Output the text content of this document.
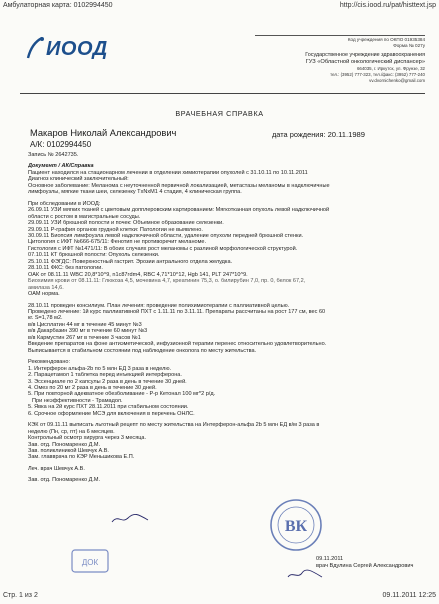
Амбулаторная карта: 0102994450	http://cis.iood.ru/pat/histtext.jsp
ИООД	Код учреждения по ОКПО 01935384
Форма № 027у
Государственное учреждение здравоохранения
ГУЗ «Областной онкологический диспансер»
664035, г. Иркутск, ул. Фрунзе, 32
тел.: (3952) 777-323, тел./факс: (3952) 777-240
vv.dvornichenko@gmail.com
ВРАЧЕБНАЯ СПРАВКА
Макаров Николай Александрович
А/К: 0102994450
дата рождения: 20.11.1989
Запись № 2642735.
Документ / АК/Справка
Пациент находился на стационарном лечении в отделении химиотерапии опухолей с 31.10.11 по 10.11.2011
Диагноз клинический заключительный:
Основное заболевание: Меланома с неуточненной первичной локализацией, метастазы меланомы в надключичные
лимфоузлы, мягкие ткани шеи, селезенку TxNxM1 4 стадия, 4 клиническая группа.
При обследовании в ИООД:
26.09.11 УЗИ мягких тканей с цветовым допплеровским картированием: Мягкотканная опухоль левой надключичной
области с ростом в магистральные сосуды.
29.09.11 УЗИ брюшной полости и почек: Объемное образование селезенки.
29.09.11 Р-графия органов грудной клетки: Патологии не выявлено.
30.09.11 Биопсия лимфоузла левой надключичной области, удаление опухоли передней брюшной стенки.
Цитология с ИФТ №666-675/11: Фенотип не противоречит меланоме.
Гистология с ИФТ №1471/11: В обоих случаях рост меланомы с разлиной морфологической структурой.
07.10.11 КТ брюшной полости: Опухоль селезенки.
25.10.11 ФЭГДС: Поверхностный гастрит. Эрозии антрального отдела желудка.
28.10.11 ФКС: без патологии.
ОАК от 08.11.11 WBC 20,8*10^9, n1c87гdm4, RBC 4,71*10^12, Hgb 141, PLT 247*10^9.
Биохимия крови от 08.11.11: Глюкоза 4,5, мочевина 4,7, креатинин 75,3, о. билирубин 7,0, пр. 0, белок 67,2,
амилаза 14,6.
ОАМ норма.
28.10.11 проведен консилиум. План лечения: проведение полихимиотерапии с паллиативной целью.
Проведено лечение: 1й курс паллиативной ПХТ с 1.11.11 по 3.11.11. Препараты рассчитаны на рост 177 см, вес 60
кг. S=1,78 м2.
в/в Цисплатин 44 мг в течение 45 минут №3
в/в Дакарбазин 390 мг в течение 60 минут №3
в/в Кармустин 267 мг в течение 3 часов №1
Введение препаратов на фоне антиэметической, инфузионной терапии перенес относительно удовлетворительно.
Выписывается в стабильном состоянии под наблюдение онколога по месту жительства.
Рекомендовано:
1. Интерферон альфа-2b по 5 млн ЕД 3 раза в неделю.
2. Парацетамол 1 таблетка перед инъекцией интерферона.
3. Эссенциале по 2 капсулы 2 раза в день в течение 30 дней.
4. Омез по 20 мг 2 раза в день в течение 30 дней.
5. При повторной адекватное обезболивание - Р-р Кетонал 100 мг*2 р/д.
При неэффективности - Трамадол.
5. Явка на 2й курс ПХТ 28.11.2011 при стабильном состоянии.
6. Срочное оформление МСЭ для включения в перечень ОНЛС.
КЭК от 09.11.11 выписать льготный рецепт по месту жительства на Интерферон-альфа 2b 5 млн ЕД в/м 3 раза в
неделю (Пн, ср, пт) на 6 месяцев.
Контрольный осмотр хирурга через 3 месяца.
Зав. отд. Пономаренко Д.М.
Зав. поликлиникой Шевчук А.В.
Зам. главврача по КЭР Меньшикова Е.П.
Леч. врач Шевчук А.В.
Зав. отд. Пономаренко Д.М.
ВК
ДОК	09.11.2011
врач Вдулина Сергей Александрович
Стр. 1 из 2	09.11.2011 12:25
